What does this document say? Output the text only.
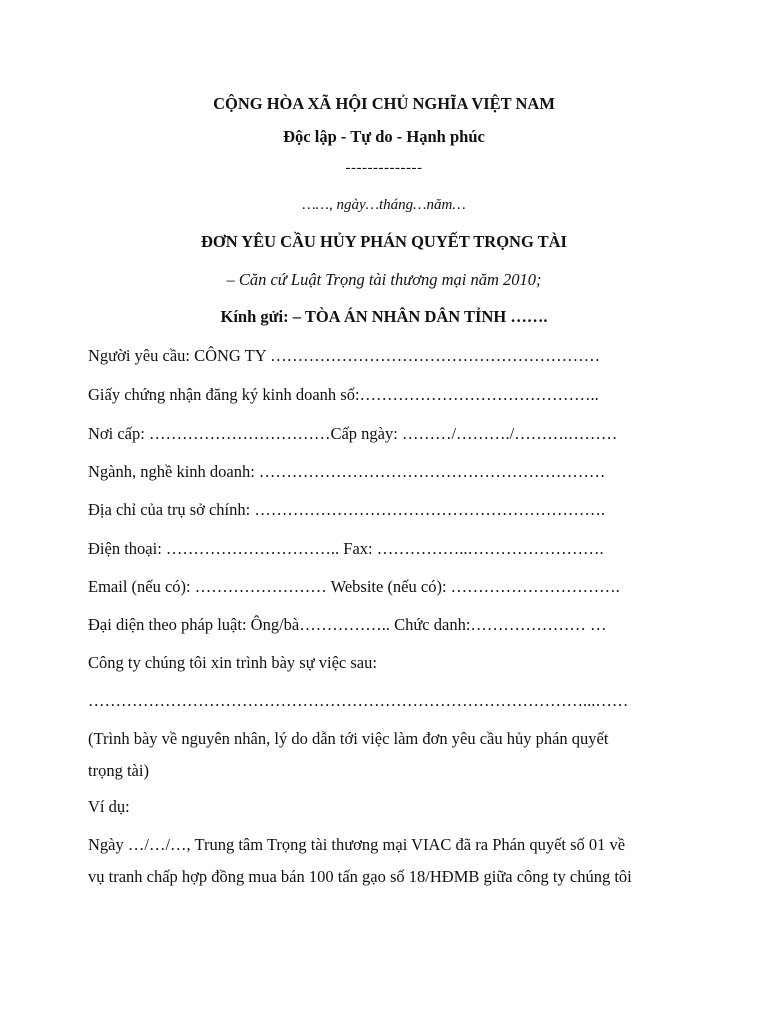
CỘNG HÒA XÃ HỘI CHỦ NGHĨA VIỆT NAM
Độc lập - Tự do - Hạnh phúc
--------------
……, ngày…tháng…năm…
ĐƠN YÊU CẦU HỦY PHÁN QUYẾT TRỌNG TÀI
– Căn cứ Luật Trọng tài thương mại năm 2010;
Kính gửi: – TÒA ÁN NHÂN DÂN TỈNH …….
Người yêu cầu: CÔNG TY ……………………………………………………
Giấy chứng nhận đăng ký kinh doanh số:……………………………………..
Nơi cấp: ……………………………Cấp ngày: ………/………./……….………
Ngành, nghề kinh doanh: ………………………………………………………
Địa chỉ của trụ sở chính: ……………………………………………………….
Điện thoại: ………………………….. Fax: ……………..…………………….
Email (nếu có): …………………… Website (nếu có): ………………………….
Đại diện theo pháp luật: Ông/bà…………….. Chức danh:………………… …
Công ty chúng tôi xin trình bày sự việc sau:
………………………………………………………………………………...……
(Trình bày về nguyên nhân, lý do dẫn tới việc làm đơn yêu cầu hủy phán quyết
trọng tài)
Ví dụ:
Ngày …/…/…, Trung tâm Trọng tài thương mại VIAC đã ra Phán quyết số 01 về
vụ tranh chấp hợp đồng mua bán 100 tấn gạo số 18/HĐMB giữa công ty chúng tôi
